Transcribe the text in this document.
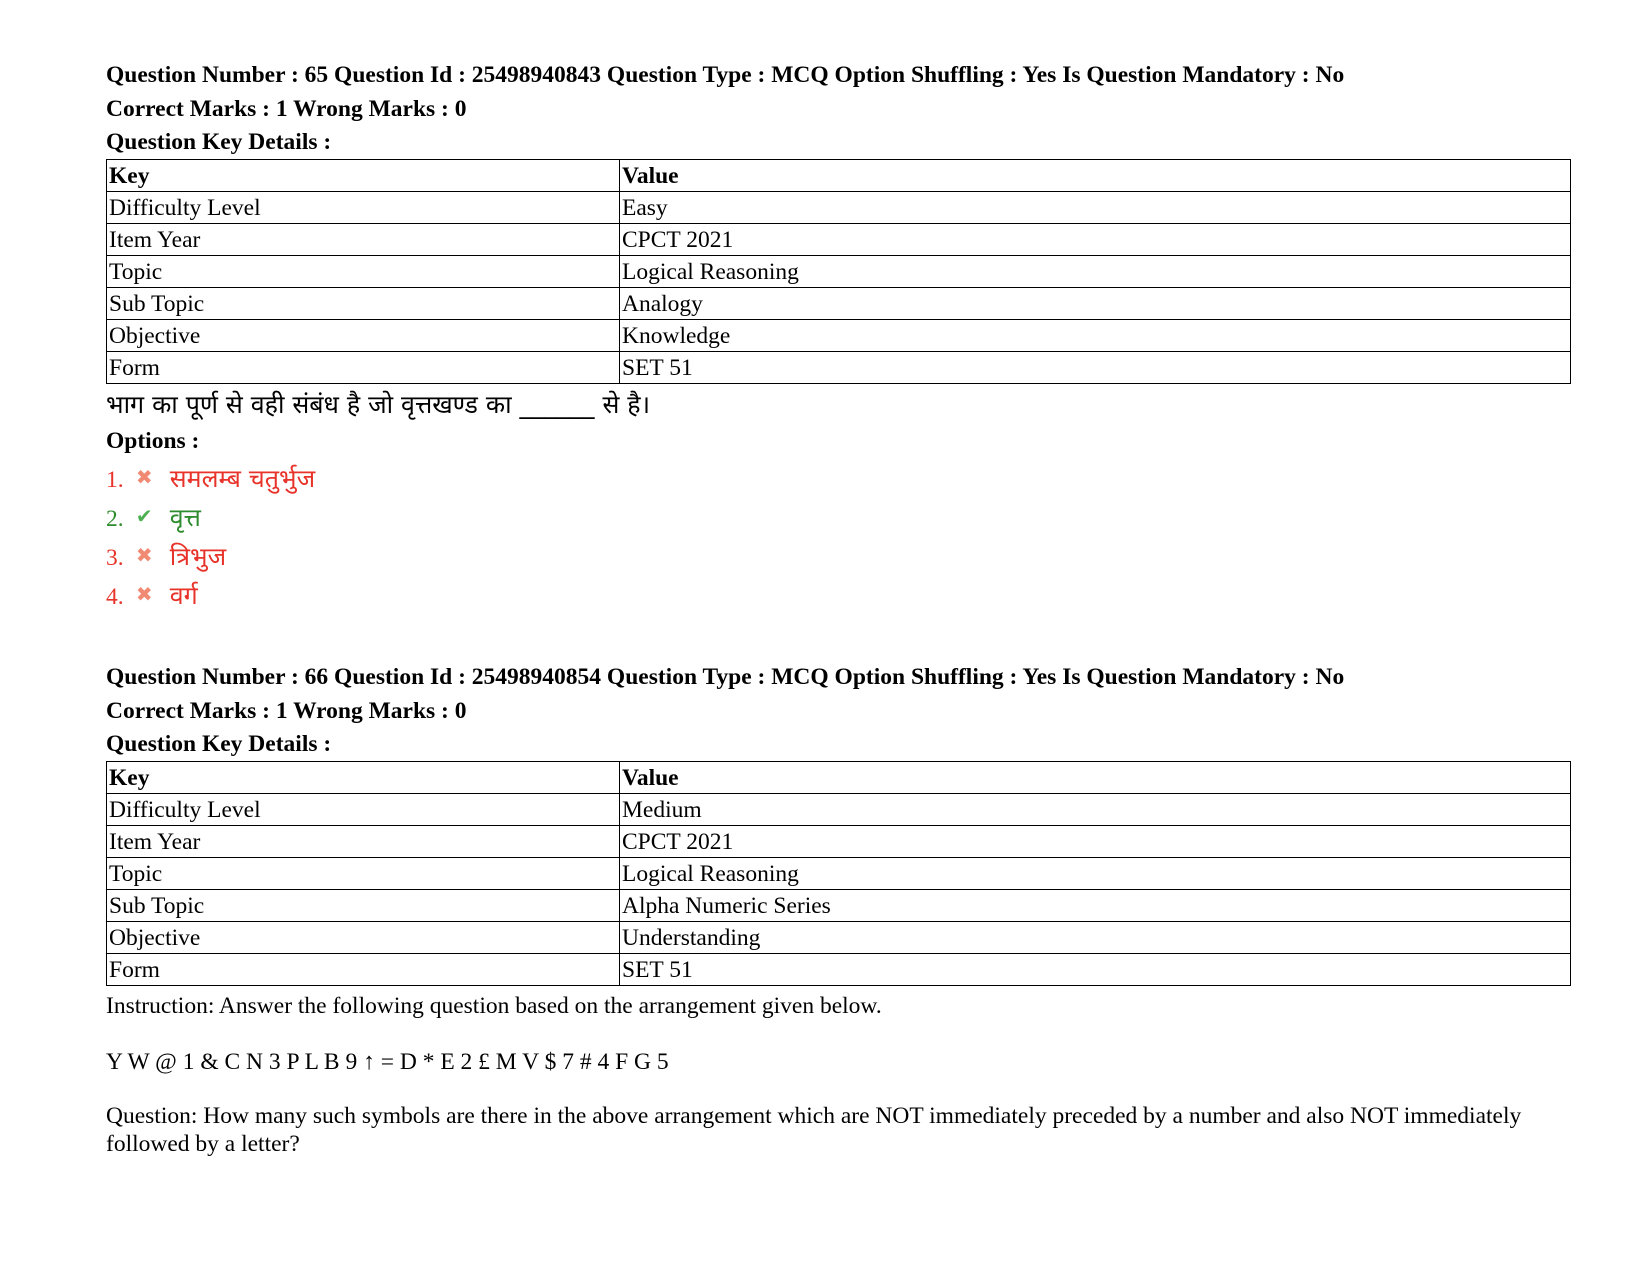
Question Number : 65 Question Id : 25498940843 Question Type : MCQ Option Shuffling : Yes Is Question Mandatory : No
Correct Marks : 1 Wrong Marks : 0
Question Key Details :
Key	Value
Difficulty Level	Easy
Item Year	CPCT 2021
Topic	Logical Reasoning
Sub Topic	Analogy
Objective	Knowledge
Form	SET 51
भाग का पूर्ण से वही संबंध है जो वृत्तखण्ड का ______ से है।
Options :
1. ✖ समलम्ब चतुर्भुज
2. ✔ वृत्त
3. ✖ त्रिभुज
4. ✖ वर्ग
Question Number : 66 Question Id : 25498940854 Question Type : MCQ Option Shuffling : Yes Is Question Mandatory : No
Correct Marks : 1 Wrong Marks : 0
Question Key Details :
Key	Value
Difficulty Level	Medium
Item Year	CPCT 2021
Topic	Logical Reasoning
Sub Topic	Alpha Numeric Series
Objective	Understanding
Form	SET 51
Instruction: Answer the following question based on the arrangement given below.
Y W @ 1 & C N 3 P L B 9 ↑ = D * E 2 £ M V $ 7 # 4 F G 5
Question: How many such symbols are there in the above arrangement which are NOT immediately preceded by a number and also NOT immediately followed by a letter?
